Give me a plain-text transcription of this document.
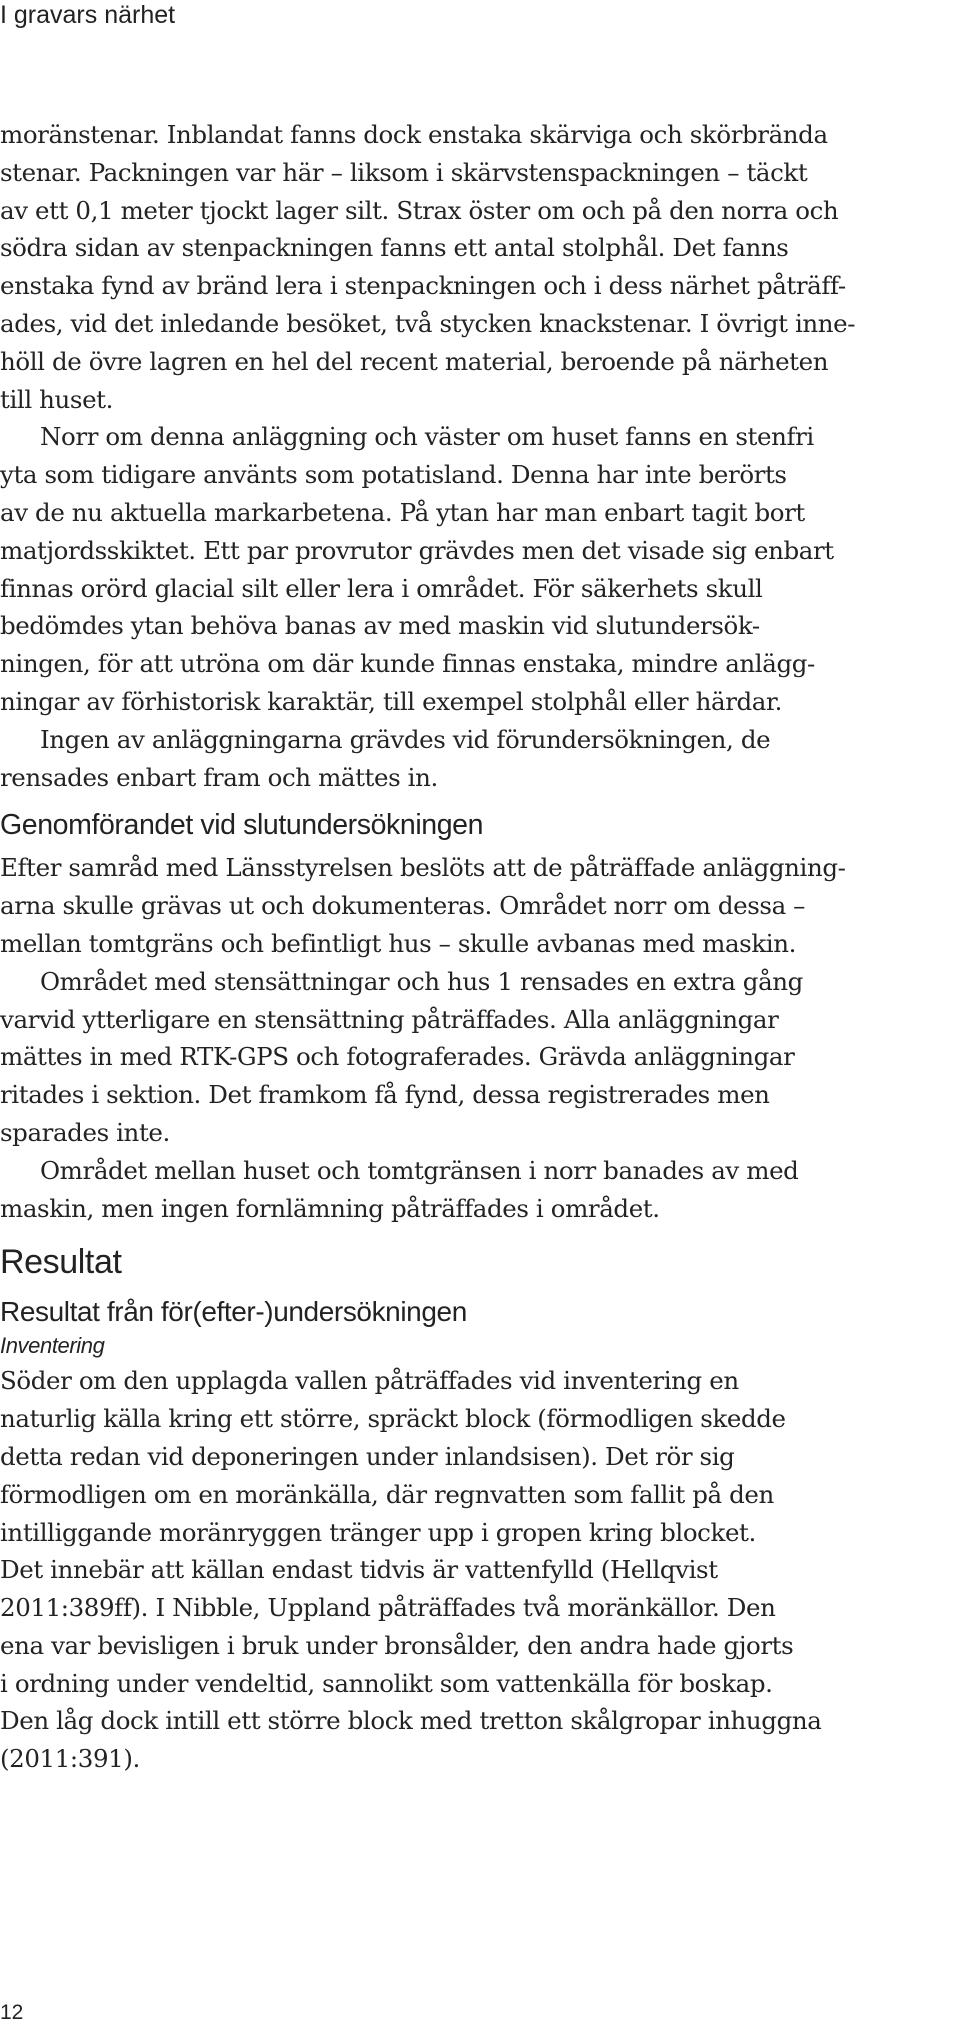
I gravars närhet
moränstenar. Inblandat fanns dock enstaka skärviga och skörbrända
stenar. Packningen var här – liksom i skärvstenspackningen – täckt
av ett 0,1 meter tjockt lager silt. Strax öster om och på den norra och
södra sidan av stenpackningen fanns ett antal stolphål. Det fanns
enstaka fynd av bränd lera i stenpackningen och i dess närhet påträff-
ades, vid det inledande besöket, två stycken knackstenar. I övrigt inne-
höll de övre lagren en hel del recent material, beroende på närheten
till huset.
Norr om denna anläggning och väster om huset fanns en stenfri
yta som tidigare använts som potatisland. Denna har inte berörts
av de nu aktuella markarbetena. På ytan har man enbart tagit bort
matjordsskiktet. Ett par provrutor grävdes men det visade sig enbart
finnas orörd glacial silt eller lera i området. För säkerhets skull
bedömdes ytan behöva banas av med maskin vid slutundersök-
ningen, för att utröna om där kunde finnas enstaka, mindre anlägg-
ningar av förhistorisk karaktär, till exempel stolphål eller härdar.
Ingen av anläggningarna grävdes vid förundersökningen, de
rensades enbart fram och mättes in.
Genomförandet vid slutundersökningen
Efter samråd med Länsstyrelsen beslöts att de påträffade anläggning-
arna skulle grävas ut och dokumenteras. Området norr om dessa –
mellan tomtgräns och befintligt hus – skulle avbanas med maskin.
Området med stensättningar och hus 1 rensades en extra gång
varvid ytterligare en stensättning påträffades. Alla anläggningar
mättes in med RTK-GPS och fotograferades. Grävda anläggningar
ritades i sektion. Det framkom få fynd, dessa registrerades men
sparades inte.
Området mellan huset och tomtgränsen i norr banades av med
maskin, men ingen fornlämning påträffades i området.
Resultat
Resultat från för(efter-)undersökningen
Inventering
Söder om den upplagda vallen påträffades vid inventering en
naturlig källa kring ett större, spräckt block (förmodligen skedde
detta redan vid deponeringen under inlandsisen). Det rör sig
förmodligen om en moränkälla, där regnvatten som fallit på den
intilliggande moränryggen tränger upp i gropen kring blocket.
Det innebär att källan endast tidvis är vattenfylld (Hellqvist
2011:389ff). I Nibble, Uppland påträffades två moränkällor. Den
ena var bevisligen i bruk under bronsålder, den andra hade gjorts
i ordning under vendeltid, sannolikt som vattenkälla för boskap.
Den låg dock intill ett större block med tretton skålgropar inhuggna
(2011:391).
12
